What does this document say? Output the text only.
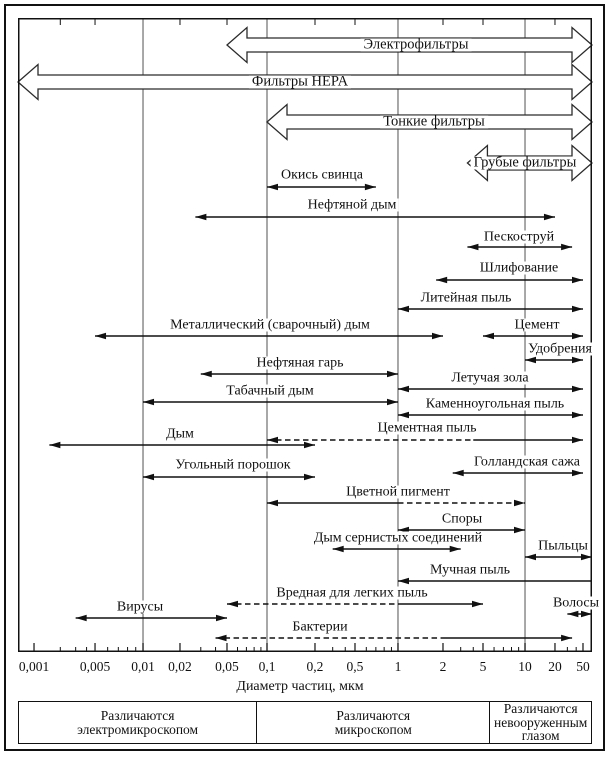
Электрофильтры
Фильтры HEPA
Тонкие фильтры
Грубые фильтры
Окись свинца
Нефтяной дым
Пескоструй
Шлифование
Литейная пыль
Металлический (сварочный) дым	Цемент
Удобрения
Нефтяная гарь
Летучая зола
Табачный дым
Каменноугольная пыль
Цементная пыль
Дым
Угольный порошок	Голландская сажа
Цветной пигмент
Споры
Дым сернистых соединений
Пыльцы
Мучная пыль
Вредная для легких пыль
Волосы
Вирусы
Бактерии
0,001 0,005 0,01 0,02 0,05 0,1 0,2 0,5 1	2 5 10 20 50
Диаметр частиц, мкм
Различаются
электромикроскопом
Различаются
микроскопом
Различаются
невооруженным
глазом
